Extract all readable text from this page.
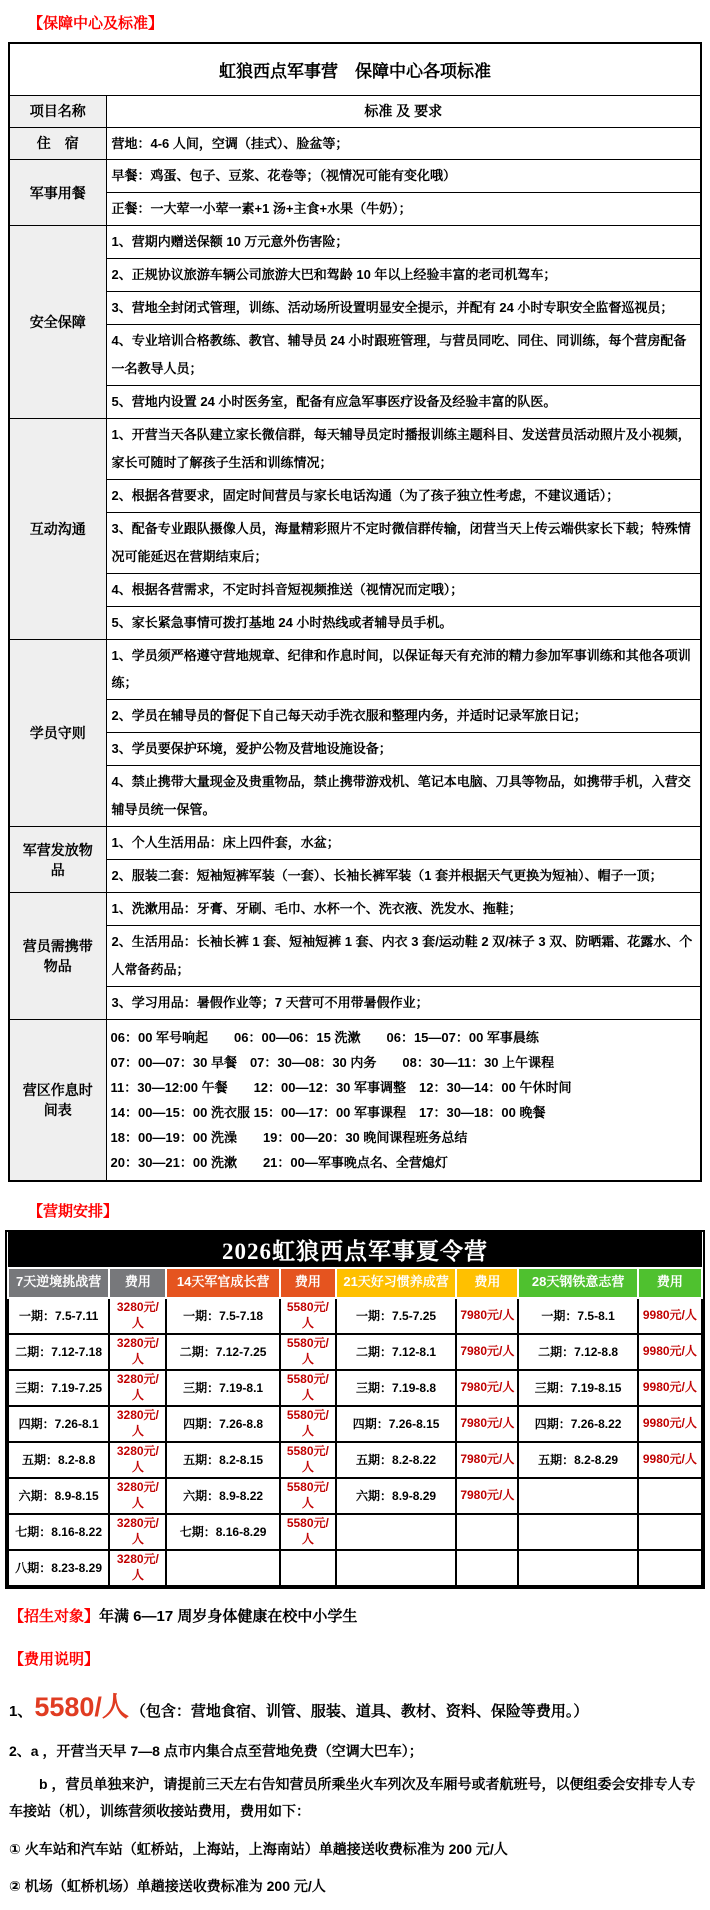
【保障中心及标准】
虹狼西点军事营　保障中心各项标准	
项目名称	标准 及 要求
住　宿	营地：4-6 人间，空调（挂式）、脸盆等；
军事用餐	早餐：鸡蛋、包子、豆浆、花卷等；（视情况可能有变化哦）
	正餐：一大荤一小荤一素+1 汤+主食+水果（牛奶）；
安全保障	1、营期内赠送保额 10 万元意外伤害险；
	2、正规协议旅游车辆公司旅游大巴和驾龄 10 年以上经验丰富的老司机驾车；
	3、营地全封闭式管理，训练、活动场所设置明显安全提示，并配有 24 小时专职安全监督巡视员；
	4、专业培训合格教练、教官、辅导员 24 小时跟班管理，与营员同吃、同住、同训练，每个营房配备一名教导人员；
	5、营地内设置 24 小时医务室，配备有应急军事医疗设备及经验丰富的队医。
互动沟通	1、开营当天各队建立家长微信群，每天辅导员定时播报训练主题科目、发送营员活动照片及小视频，家长可随时了解孩子生活和训练情况；
	2、根据各营要求，固定时间营员与家长电话沟通（为了孩子独立性考虑，不建议通话）；
	3、配备专业跟队摄像人员，海量精彩照片不定时微信群传输，闭营当天上传云端供家长下载；特殊情况可能延迟在营期结束后；
	4、根据各营需求，不定时抖音短视频推送（视情况而定哦）；
	5、家长紧急事情可拨打基地 24 小时热线或者辅导员手机。
学员守则	1、学员须严格遵守营地规章、纪律和作息时间，以保证每天有充沛的精力参加军事训练和其他各项训练；
	2、学员在辅导员的督促下自己每天动手洗衣服和整理内务，并适时记录军旅日记；
	3、学员要保护环境，爱护公物及营地设施设备；
	4、禁止携带大量现金及贵重物品，禁止携带游戏机、笔记本电脑、刀具等物品，如携带手机，入营交辅导员统一保管。
军营发放物品	1、个人生活用品：床上四件套，水盆；
	2、服装二套：短袖短裤军装（一套）、长袖长裤军装（1 套并根据天气更换为短袖）、帽子一顶；
营员需携带物品	1、洗漱用品：牙膏、牙刷、毛巾、水杯一个、洗衣液、洗发水、拖鞋；
	2、生活用品：长袖长裤 1 套、短袖短裤 1 套、内衣 3 套/运动鞋 2 双/袜子 3 双、防晒霜、花露水、个人常备药品；
	3、学习用品：暑假作业等；7 天营可不用带暑假作业；
营区作息时间表	
06：00 军号响起　　06：00—06：15 洗漱　　06：15—07：00 军事晨练
07：00—07：30 早餐　07：30—08：30 内务　　08：30—11：30 上午课程
11：30—12:00 午餐　　12：00—12：30 军事调整　12：30—14：00 午休时间
14：00—15：00 洗衣服 15：00—17：00 军事课程　17：30—18：00 晚餐
18：00—19：00 洗澡　　19：00—20：30 晚间课程班务总结
20：30—21：00 洗漱　　21：00—军事晚点名、全营熄灯
【营期安排】
2026虹狼西点军事夏令营							
7天逆境挑战营	费用	14天军官成长营	费用	21天好习惯养成营	费用	28天钢铁意志营	费用
一期：7.5-7.11	3280元/人	一期：7.5-7.18	5580元/人	一期：7.5-7.25	7980元/人	一期：7.5-8.1	9980元/人
二期：7.12-7.18	3280元/人	二期：7.12-7.25	5580元/人	二期：7.12-8.1	7980元/人	二期：7.12-8.8	9980元/人
三期：7.19-7.25	3280元/人	三期：7.19-8.1	5580元/人	三期：7.19-8.8	7980元/人	三期：7.19-8.15	9980元/人
四期：7.26-8.1	3280元/人	四期：7.26-8.8	5580元/人	四期：7.26-8.15	7980元/人	四期：7.26-8.22	9980元/人
五期：8.2-8.8	3280元/人	五期：8.2-8.15	5580元/人	五期：8.2-8.22	7980元/人	五期：8.2-8.29	9980元/人
六期：8.9-8.15	3280元/人	六期：8.9-8.22	5580元/人	六期：8.9-8.29	7980元/人		
七期：8.16-8.22	3280元/人	七期：8.16-8.29	5580元/人				
八期：8.23-8.29	3280元/人						
【招生对象】年满 6—17 周岁身体健康在校中小学生
【费用说明】
1、5580/人 （包含：营地食宿、训管、服装、道具、教材、资料、保险等费用。）
2、a ，开营当天早 7—8 点市内集合点至营地免费（空调大巴车）；
b ，营员单独来沪，请提前三天左右告知营员所乘坐火车列次及车厢号或者航班号，以便组委会安排专人专车接站（机），训练营须收接站费用，费用如下：
① 火车站和汽车站（虹桥站，上海站，上海南站）单趟接送收费标准为 200 元/人
② 机场（虹桥机场）单趟接送收费标准为 200 元/人
